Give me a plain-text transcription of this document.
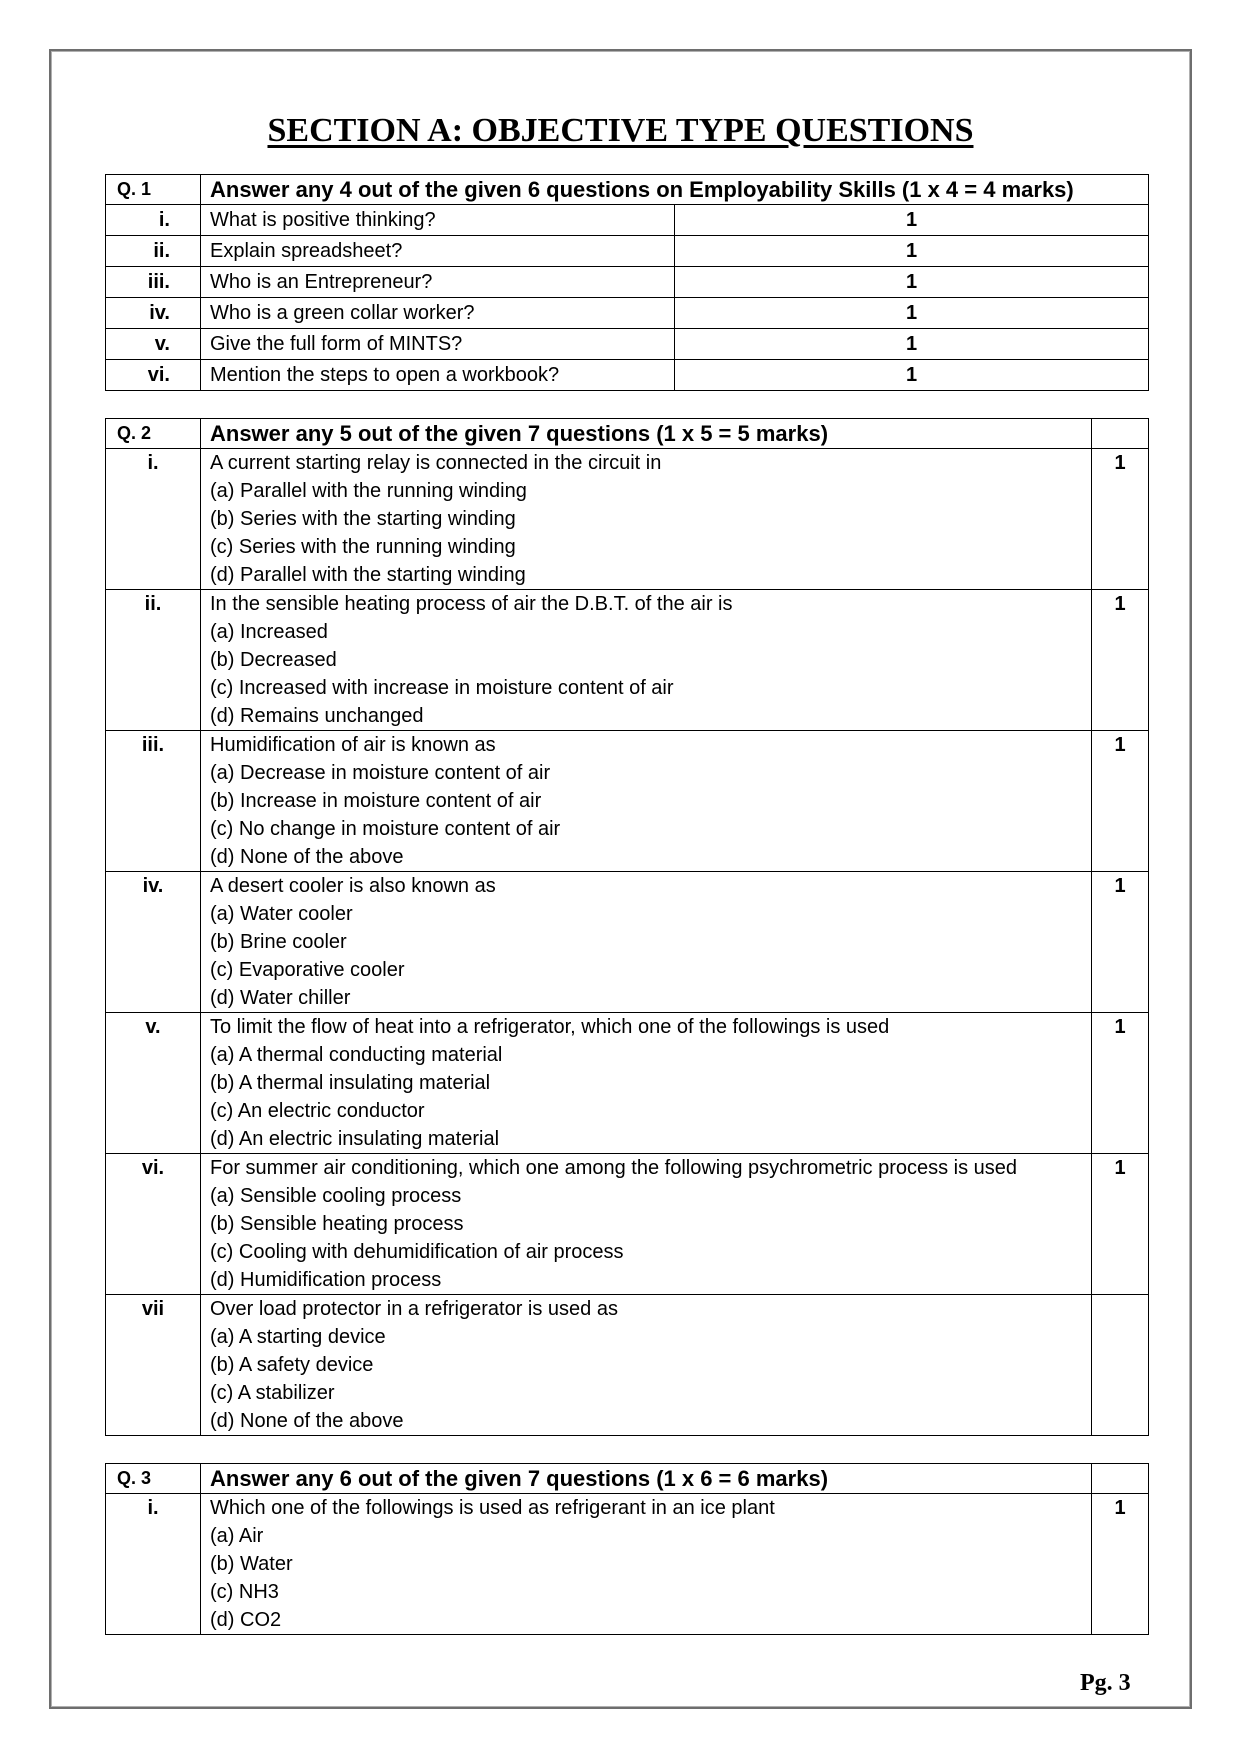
SECTION A: OBJECTIVE TYPE QUESTIONS
Q. 1	Answer any 4 out of the given 6 questions on Employability Skills (1 x 4 = 4 marks)	
i.	What is positive thinking?	1
ii.	Explain spreadsheet?	1
iii.	Who is an Entrepreneur?	1
iv.	Who is a green collar worker?	1
v.	Give the full form of MINTS?	1
vi.	Mention the steps to open a workbook?	1
Q. 2	Answer any 5 out of the given 7 questions (1 x 5 = 5 marks)	
i.	A current starting relay is connected in the circuit in
(a) Parallel with the running winding
(b) Series with the starting winding
(c) Series with the running winding
(d) Parallel with the starting winding	1
ii.	In the sensible heating process of air the D.B.T. of the air is
(a) Increased
(b) Decreased
(c) Increased with increase in moisture content of air
(d) Remains unchanged	1
iii.	Humidification of air is known as
(a) Decrease in moisture content of air
(b) Increase in moisture content of air
(c) No change in moisture content of air
(d) None of the above	1
iv.	A desert cooler is also known as
(a) Water cooler
(b) Brine cooler
(c) Evaporative cooler
(d) Water chiller	1
v.	To limit the flow of heat into a refrigerator, which one of the followings is used
(a) A thermal conducting material
(b) A thermal insulating material
(c) An electric conductor
(d) An electric insulating material	1
vi.	For summer air conditioning, which one among the following psychrometric process is used
(a) Sensible cooling process
(b) Sensible heating process
(c) Cooling with dehumidification of air process
(d) Humidification process	1
vii	Over load protector in a refrigerator is used as
(a) A starting device
(b) A safety device
(c) A stabilizer
(d) None of the above	

Q. 3	Answer any 6 out of the given 7 questions (1 x 6 = 6 marks)	
i.	Which one of the followings is used as refrigerant in an ice plant
(a) Air
(b) Water
(c) NH3
(d) CO2	1
Pg. 3
